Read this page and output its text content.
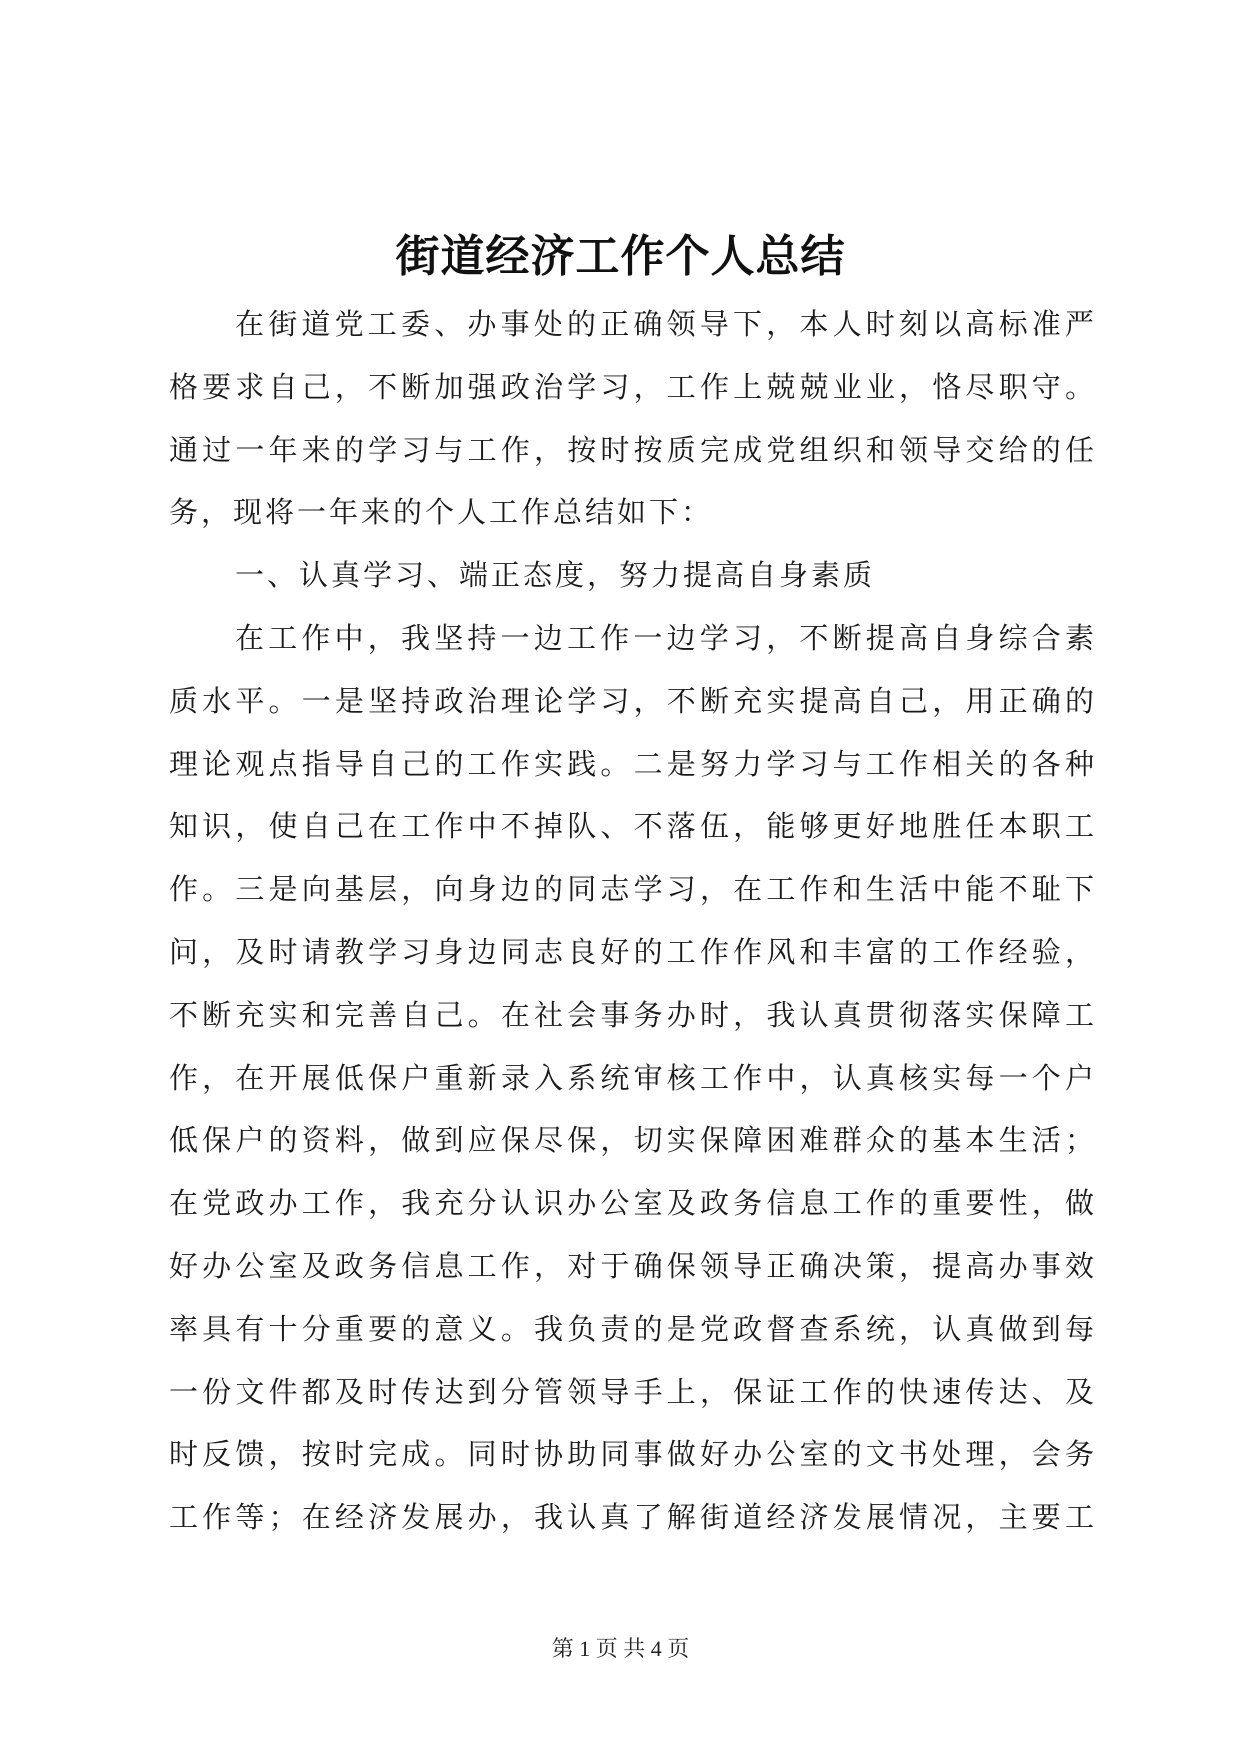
街道经济工作个人总结
在街道党工委、办事处的正确领导下，本人时刻以高标准严
格要求自己，不断加强政治学习，工作上兢兢业业，恪尽职守。
通过一年来的学习与工作，按时按质完成党组织和领导交给的任
务，现将一年来的个人工作总结如下：
一、认真学习、端正态度，努力提高自身素质
在工作中，我坚持一边工作一边学习，不断提高自身综合素
质水平。一是坚持政治理论学习，不断充实提高自己，用正确的
理论观点指导自己的工作实践。二是努力学习与工作相关的各种
知识，使自己在工作中不掉队、不落伍，能够更好地胜任本职工
作。三是向基层，向身边的同志学习，在工作和生活中能不耻下
问，及时请教学习身边同志良好的工作作风和丰富的工作经验，
不断充实和完善自己。在社会事务办时，我认真贯彻落实保障工
作，在开展低保户重新录入系统审核工作中，认真核实每一个户
低保户的资料，做到应保尽保，切实保障困难群众的基本生活；
在党政办工作，我充分认识办公室及政务信息工作的重要性，做
好办公室及政务信息工作，对于确保领导正确决策，提高办事效
率具有十分重要的意义。我负责的是党政督查系统，认真做到每
一份文件都及时传达到分管领导手上，保证工作的快速传达、及
时反馈，按时完成。同时协助同事做好办公室的文书处理，会务
工作等；在经济发展办，我认真了解街道经济发展情况，主要工
第 1 页 共 4 页
